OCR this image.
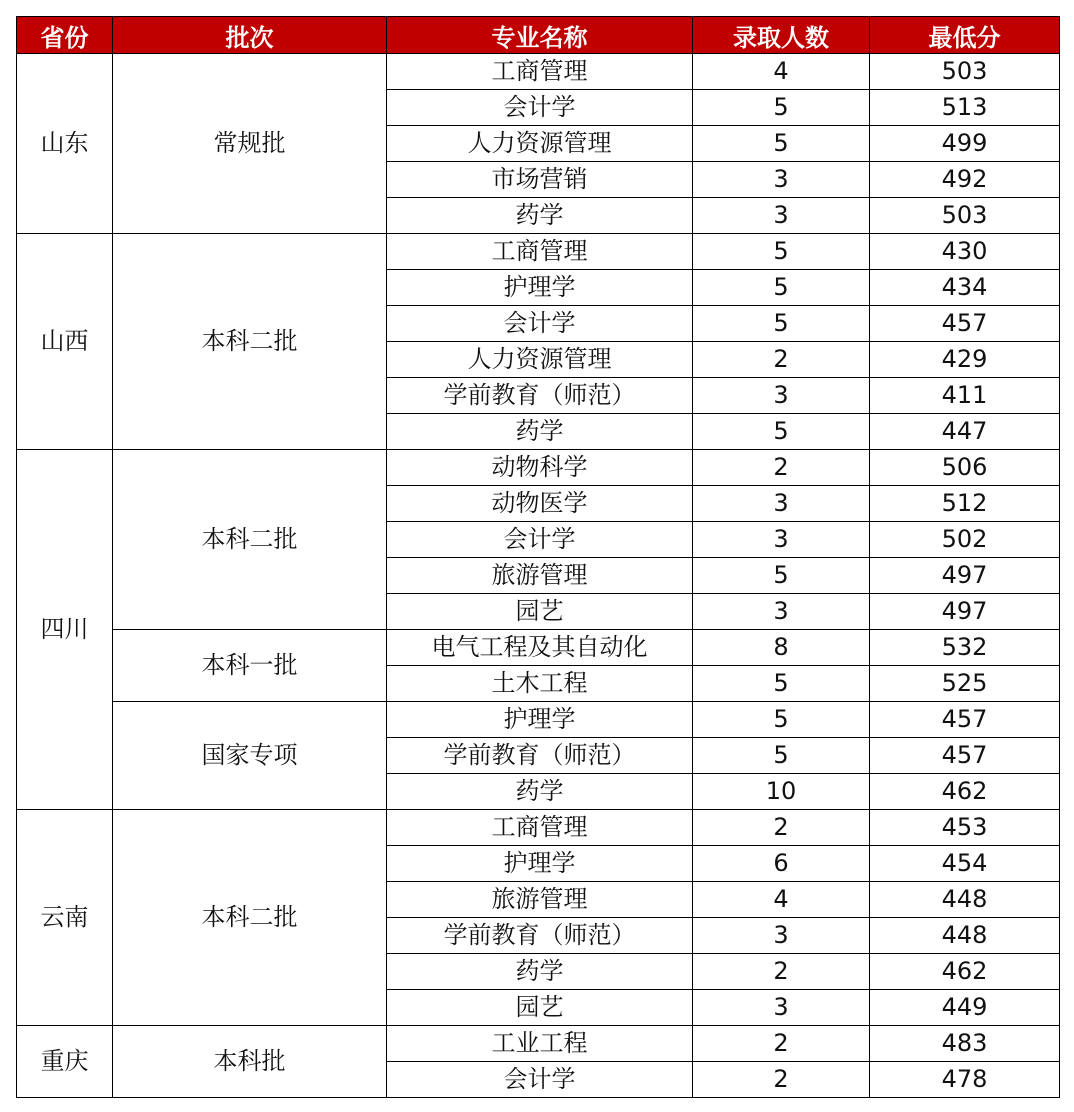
省份	批次	专业名称	录取人数	最低分
山东	常规批	工商管理	4	503
		会计学	5	513
		人力资源管理	5	499
		市场营销	3	492
		药学	3	503
山西	本科二批	工商管理	5	430
		护理学	5	434
		会计学	5	457
		人力资源管理	2	429
		学前教育（师范）	3	411
		药学	5	447
四川	本科二批	动物科学	2	506
		动物医学	3	512
		会计学	3	502
		旅游管理	5	497
		园艺	3	497
	本科一批	电气工程及其自动化	8	532
		土木工程	5	525
	国家专项	护理学	5	457
		学前教育（师范）	5	457
		药学	10	462
云南	本科二批	工商管理	2	453
		护理学	6	454
		旅游管理	4	448
		学前教育（师范）	3	448
		药学	2	462
		园艺	3	449
重庆	本科批	工业工程	2	483
		会计学	2	478
